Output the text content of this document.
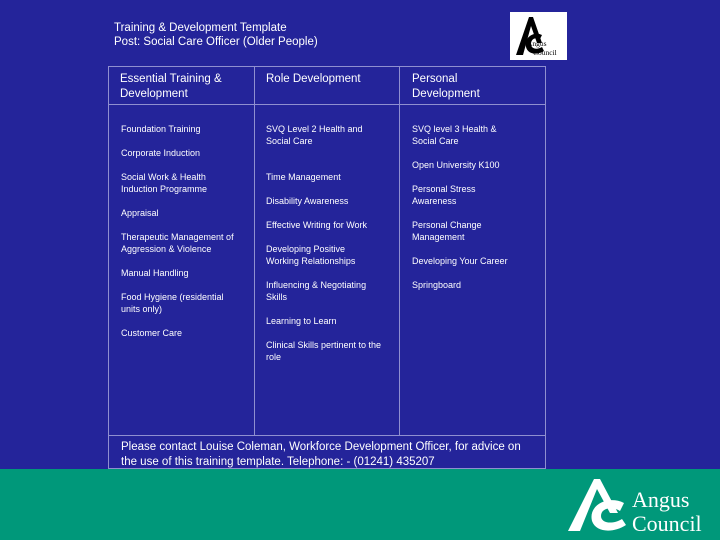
Training & Development Template
Post: Social Care Officer (Older People)	Angus
Council
Essential Training & Development
Role Development	Personal Development
Foundation Training
Corporate Induction
Social Work & Health Induction Programme
Appraisal
Therapeutic Management of Aggression & Violence
Manual Handling
Food Hygiene (residential units only)
Customer Care
SVQ Level 2 Health and Social Care
Time Management
Disability Awareness
Effective Writing for Work
Developing Positive Working Relationships
Influencing & Negotiating Skills
Learning to Learn
Clinical Skills pertinent to the role
SVQ level 3 Health & Social Care
Open University K100
Personal Stress Awareness
Personal Change Management
Developing Your Career
Springboard
Please contact Louise Coleman, Workforce Development Officer, for advice on the use of this training template. Telephone: - (01241) 435207
Angus
Council
